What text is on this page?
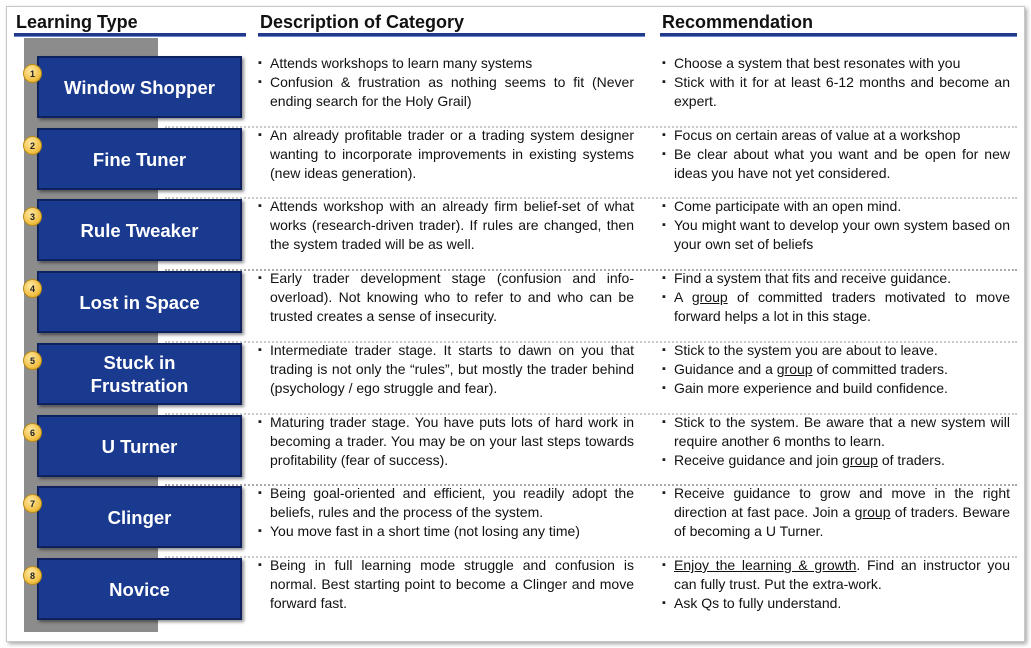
Learning Type	Description of Category	Recommendation
Window Shopper
1
▪ Attends workshops to learn many systems
▪ Confusion & frustration as nothing seems to fit (Never ending search for the Holy Grail)
▪ Choose a system that best resonates with you
▪ Stick with it for at least 6-12 months and become an expert.
Fine Tuner
2
▪ An already profitable trader or a trading system designer wanting to incorporate improvements in existing systems (new ideas generation).
▪ Focus on certain areas of value at a workshop
▪ Be clear about what you want and be open for new ideas you have not yet considered.
Rule Tweaker
3
▪ Attends workshop with an already firm belief-set of what works (research-driven trader). If rules are changed, then the system traded will be as well.
▪ Come participate with an open mind.
▪ You might want to develop your own system based on your own set of beliefs
Lost in Space
4
▪ Early trader development stage (confusion and info-overload). Not knowing who to refer to and who can be trusted creates a sense of insecurity.
▪ Find a system that fits and receive guidance.
▪ A group of committed traders motivated to move forward helps a lot in this stage.
Stuck in Frustration
5
▪ Intermediate trader stage. It starts to dawn on you that trading is not only the “rules”, but mostly the trader behind (psychology / ego struggle and fear).
▪ Stick to the system you are about to leave.
▪ Guidance and a group of committed traders.
▪ Gain more experience and build confidence.
U Turner
6
▪ Maturing trader stage. You have puts lots of hard work in becoming a trader. You may be on your last steps towards profitability (fear of success).
▪ Stick to the system. Be aware that a new system will require another 6 months to learn.
▪ Receive guidance and join group of traders.
Clinger
7
▪ Being goal-oriented and efficient, you readily adopt the beliefs, rules and the process of the system.
▪ You move fast in a short time (not losing any time)
▪ Receive guidance to grow and move in the right direction at fast pace. Join a group of traders. Beware of becoming a U Turner.
Novice
8
▪ Being in full learning mode struggle and confusion is normal. Best starting point to become a Clinger and move forward fast.
▪ Enjoy the learning & growth. Find an instructor you can fully trust. Put the extra-work.
▪ Ask Qs to fully understand.
